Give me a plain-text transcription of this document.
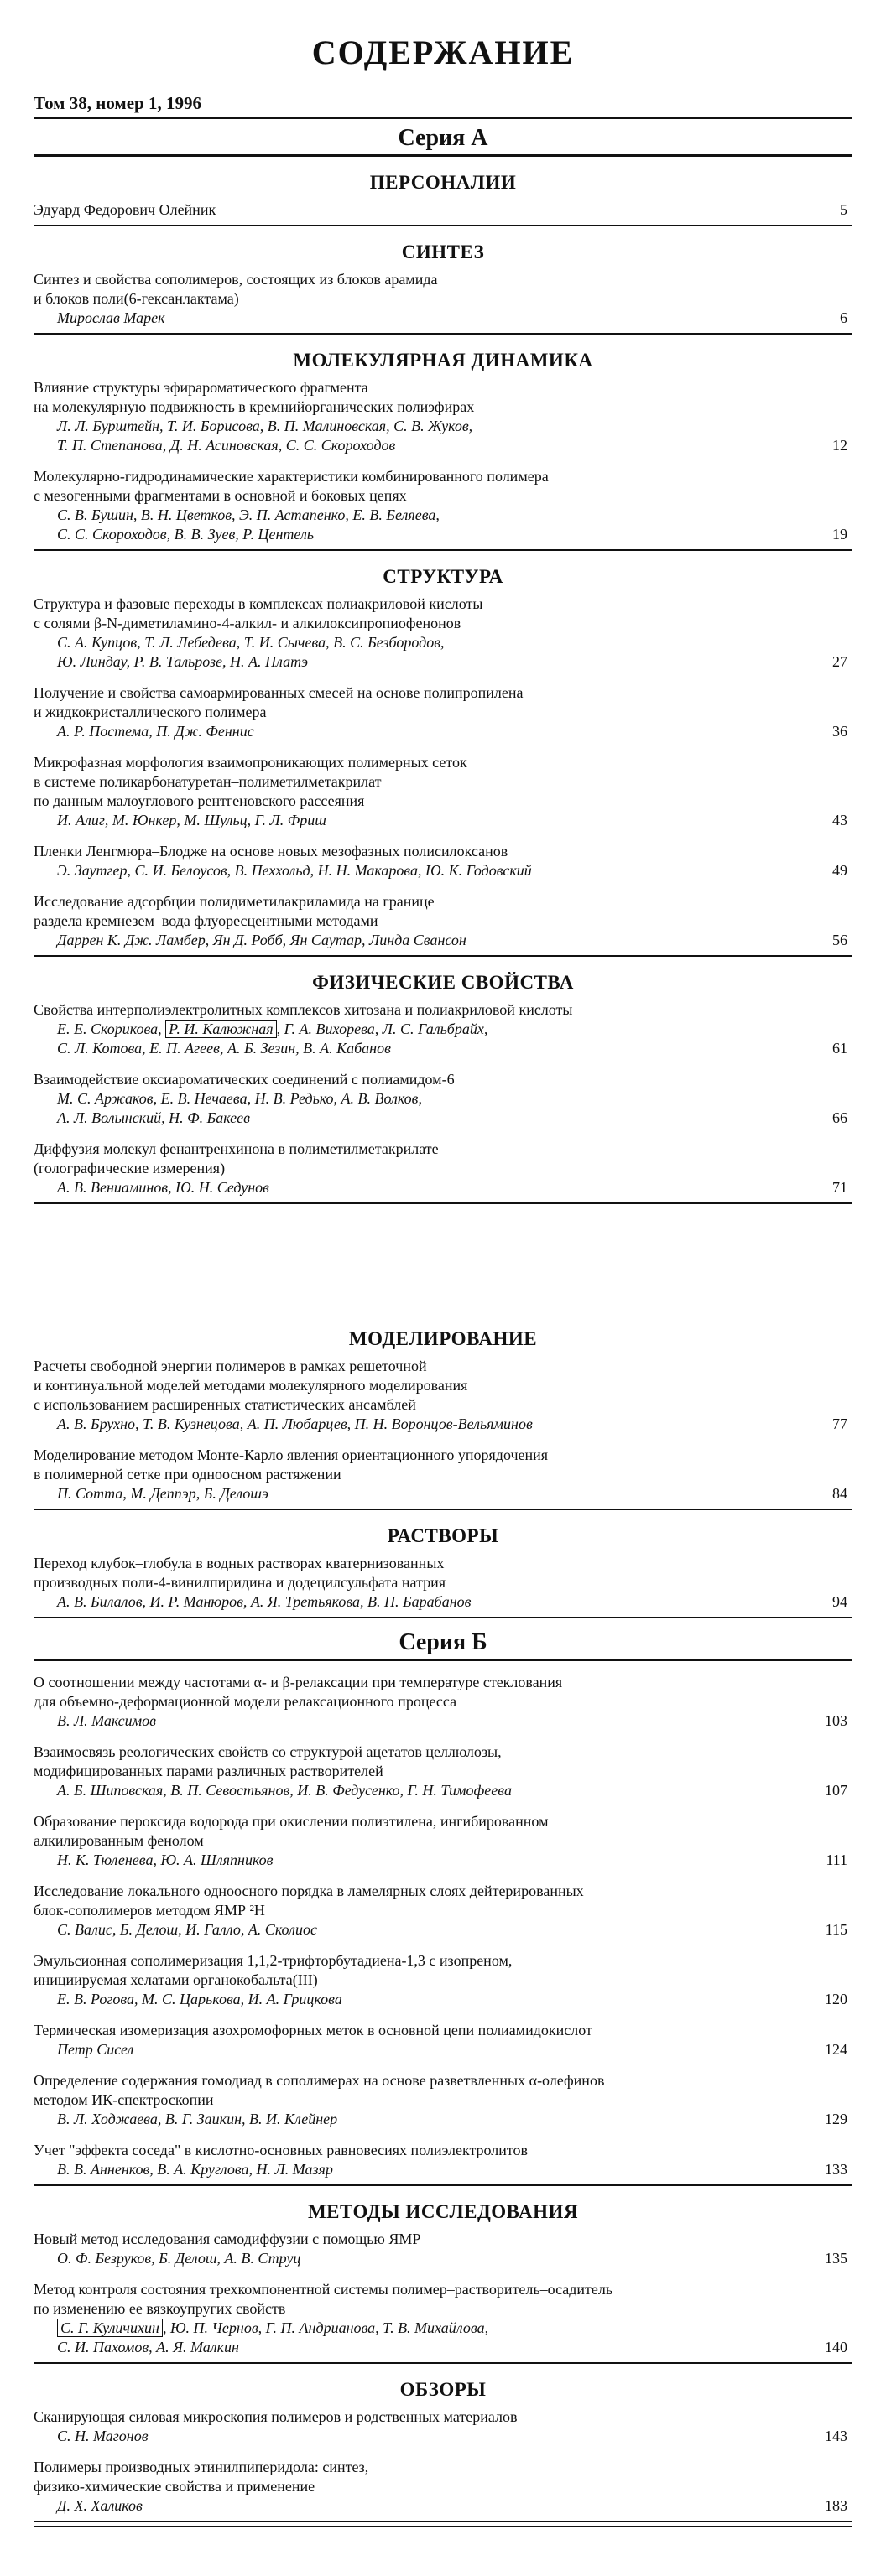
СОДЕРЖАНИЕ
Том 38, номер 1, 1996
Серия А
ПЕРСОНАЛИИ
Эдуард Федорович Олейник	5
СИНТЕЗ
Синтез и свойства сополимеров, состоящих из блоков арамида
и блоков поли(6-гексанлактама)
Мирослав Марек	6
МОЛЕКУЛЯРНАЯ ДИНАМИКА
Влияние структуры эфирароматического фрагмента
на молекулярную подвижность в кремнийорганических полиэфирах
Л. Л. Бурштейн, Т. И. Борисова, В. П. Малиновская, С. В. Жуков,
Т. П. Степанова, Д. Н. Асиновская, С. С. Скороходов	12
Молекулярно-гидродинамические характеристики комбинированного полимера
с мезогенными фрагментами в основной и боковых цепях
С. В. Бушин, В. Н. Цветков, Э. П. Астапенко, Е. В. Беляева,
С. С. Скороходов, В. В. Зуев, Р. Центель	19
СТРУКТУРА
Структура и фазовые переходы в комплексах полиакриловой кислоты
с солями β-N-диметиламино-4-алкил- и алкилоксипропиофенонов
С. А. Купцов, Т. Л. Лебедева, Т. И. Сычева, В. С. Безбородов,
Ю. Линдау, Р. В. Тальрозе, Н. А. Платэ	27
Получение и свойства самоармированных смесей на основе полипропилена
и жидкокристаллического полимера
А. Р. Постема, П. Дж. Феннис	36
Микрофазная морфология взаимопроникающих полимерных сеток
в системе поликарбонатуретан–полиметилметакрилат
по данным малоуглового рентгеновского рассеяния
И. Алиг, М. Юнкер, М. Шульц, Г. Л. Фриш	43
Пленки Ленгмюра–Блодже на основе новых мезофазных полисилоксанов
Э. Заутгер, С. И. Белоусов, В. Пеххольд, Н. Н. Макарова, Ю. К. Годовский	49
Исследование адсорбции полидиметилакриламида на границе
раздела кремнезем–вода флуоресцентными методами
Даррен К. Дж. Ламбер, Ян Д. Робб, Ян Саутар, Линда Свансон	56
ФИЗИЧЕСКИЕ СВОЙСТВА
Свойства интерполиэлектролитных комплексов хитозана и полиакриловой кислоты
Е. Е. Скорикова, Р. И. Калюжная , Г. А. Вихорева, Л. С. Гальбрайх,
С. Л. Котова, Е. П. Агеев, А. Б. Зезин, В. А. Кабанов	61
Взаимодействие оксиароматических соединений с полиамидом-6
М. С. Аржаков, Е. В. Нечаева, Н. В. Редько, А. В. Волков,
А. Л. Волынский, Н. Ф. Бакеев	66
Диффузия молекул фенантренхинона в полиметилметакрилате
(голографические измерения)
А. В. Вениаминов, Ю. Н. Седунов	71
МОДЕЛИРОВАНИЕ
Расчеты свободной энергии полимеров в рамках решеточной
и континуальной моделей методами молекулярного моделирования
с использованием расширенных статистических ансамблей
А. В. Брухно, Т. В. Кузнецова, А. П. Любарцев, П. Н. Воронцов-Вельяминов	77
Моделирование методом Монте-Карло явления ориентационного упорядочения
в полимерной сетке при одноосном растяжении
П. Сотта, М. Деппэр, Б. Делошэ	84
РАСТВОРЫ
Переход клубок–глобула в водных растворах кватернизованных
производных поли-4-винилпиридина и додецилсульфата натрия
А. В. Билалов, И. Р. Манюров, А. Я. Третьякова, В. П. Барабанов	94
Серия Б
О соотношении между частотами α- и β-релаксации при температуре стеклования
для объемно-деформационной модели релаксационного процесса
В. Л. Максимов	103
Взаимосвязь реологических свойств со структурой ацетатов целлюлозы,
модифицированных парами различных растворителей
А. Б. Шиповская, В. П. Севостьянов, И. В. Федусенко, Г. Н. Тимофеева	107
Образование пероксида водорода при окислении полиэтилена, ингибированном
алкилированным фенолом
Н. К. Тюленева, Ю. А. Шляпников	111
Исследование локального одноосного порядка в ламелярных слоях дейтерированных
блок-сополимеров методом ЯМР ²H
С. Валис, Б. Делош, И. Галло, А. Сколиос	115
Эмульсионная сополимеризация 1,1,2-трифторбутадиена-1,3 с изопреном,
инициируемая хелатами органокобальта(III)
Е. В. Рогова, М. С. Царькова, И. А. Грицкова	120
Термическая изомеризация азохромофорных меток в основной цепи полиамидокислот
Петр Сисел	124
Определение содержания гомодиад в сополимерах на основе разветвленных α-олефинов
методом ИК-спектроскопии
В. Л. Ходжаева, В. Г. Заикин, В. И. Клейнер	129
Учет "эффекта соседа" в кислотно-основных равновесиях полиэлектролитов
В. В. Анненков, В. А. Круглова, Н. Л. Мазяр	133
МЕТОДЫ ИССЛЕДОВАНИЯ
Новый метод исследования самодиффузии с помощью ЯМР
О. Ф. Безруков, Б. Делош, А. В. Струц	135
Метод контроля состояния трехкомпонентной системы полимер–растворитель–осадитель
по изменению ее вязкоупругих свойств
С. Г. Куличихин , Ю. П. Чернов, Г. П. Андрианова, Т. В. Михайлова,
С. И. Пахомов, А. Я. Малкин	140
ОБЗОРЫ
Сканирующая силовая микроскопия полимеров и родственных материалов
С. Н. Магонов	143
Полимеры производных этинилпиперидола: синтез,
физико-химические свойства и применение
Д. Х. Халиков	183
